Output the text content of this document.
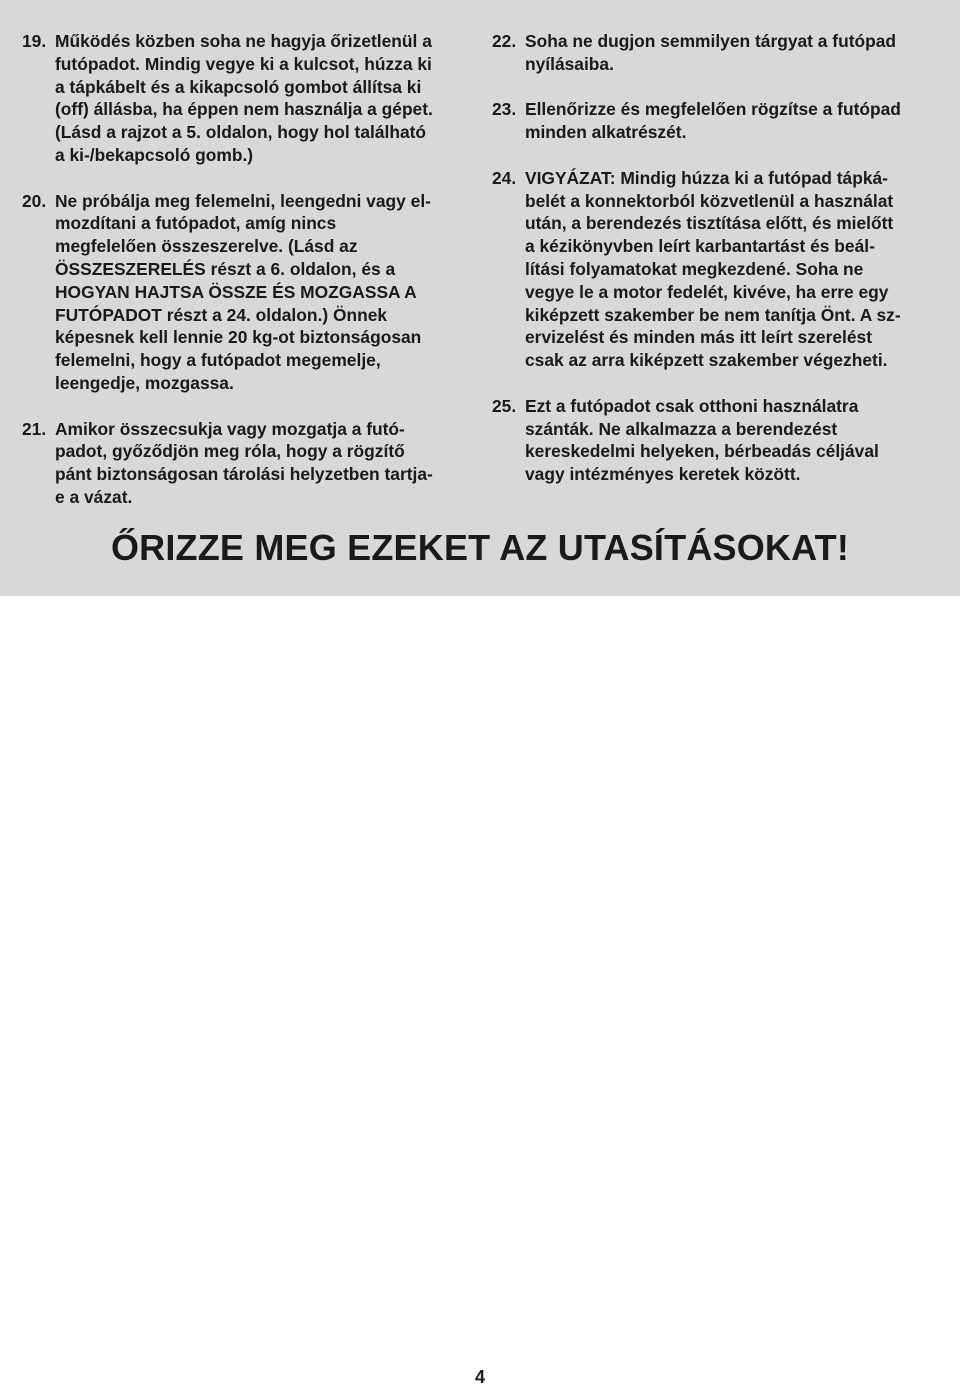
19. Működés közben soha ne hagyja őrizetlenül a
futópadot. Mindig vegye ki a kulcsot, húzza ki
a tápkábelt és a kikapcsoló gombot állítsa ki
(off) állásba, ha éppen nem használja a gépet.
(Lásd a rajzot a 5. oldalon, hogy hol található
a ki-/bekapcsoló gomb.)
20. Ne próbálja meg felemelni, leengedni vagy el-
mozdítani a futópadot, amíg nincs
megfelelően összeszerelve. (Lásd az
ÖSSZESZERELÉS részt a 6. oldalon, és a
HOGYAN HAJTSA ÖSSZE ÉS MOZGASSA A
FUTÓPADOT részt a 24. oldalon.) Önnek
képesnek kell lennie 20 kg-ot biztonságosan
felemelni, hogy a futópadot megemelje,
leengedje, mozgassa.
21. Amikor összecsukja vagy mozgatja a futó-
padot, győződjön meg róla, hogy a rögzítő
pánt biztonságosan tárolási helyzetben tartja-
e a vázat.
22. Soha ne dugjon semmilyen tárgyat a futópad
nyílásaiba.
23. Ellenőrizze és megfelelően rögzítse a futópad
minden alkatrészét.
24. VIGYÁZAT: Mindig húzza ki a futópad tápká-
belét a konnektorból közvetlenül a használat
után, a berendezés tisztítása előtt, és mielőtt
a kézikönyvben leírt karbantartást és beál-
lítási folyamatokat megkezdené. Soha ne
vegye le a motor fedelét, kivéve, ha erre egy
kiképzett szakember be nem tanítja Önt. A sz-
ervizelést és minden más itt leírt szerelést
csak az arra kiképzett szakember végezheti.
25. Ezt a futópadot csak otthoni használatra
szánták. Ne alkalmazza a berendezést
kereskedelmi helyeken, bérbeadás céljával
vagy intézményes keretek között.
ŐRIZZE MEG EZEKET AZ UTASÍTÁSOKAT!
4
